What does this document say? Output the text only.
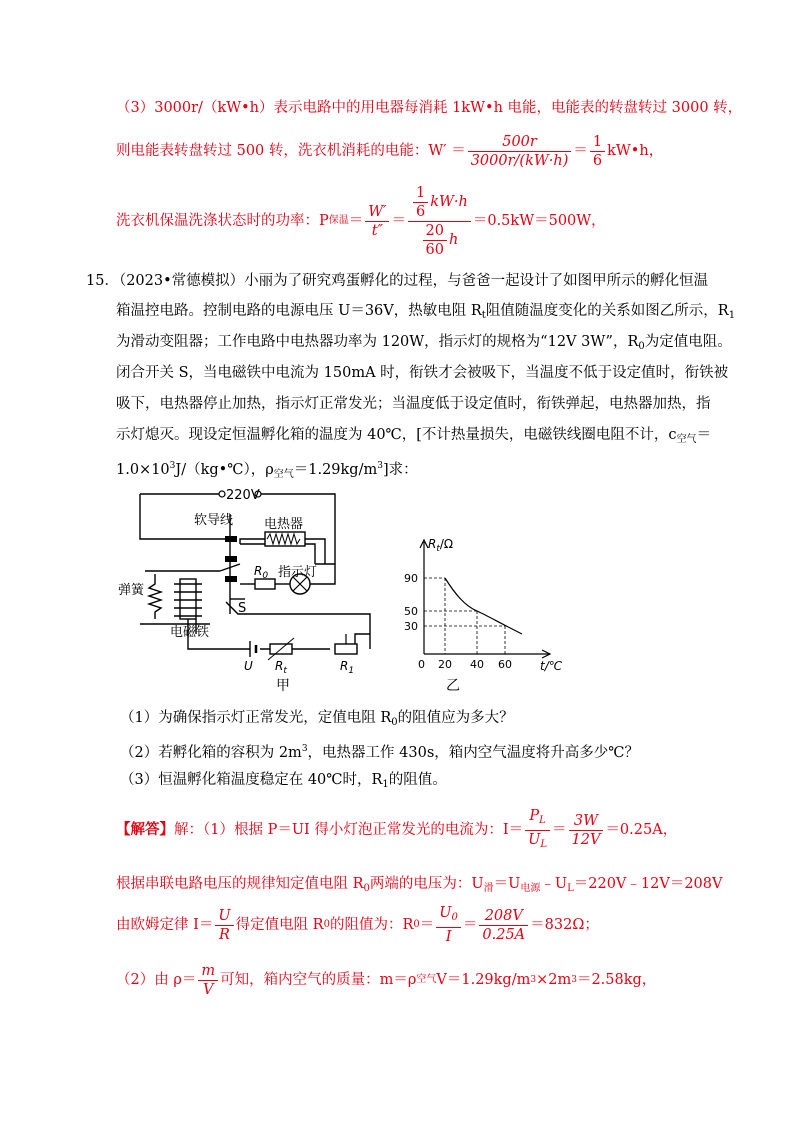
（3）3000r/（kW•h）表示电路中的用电器每消耗 1kW•h 电能，电能表的转盘转过 3000 转，
则电能表转盘转过 500 转，洗衣机消耗的电能：$W' = \frac{500r}{3000r/(kW\cdot h)} = \frac{1}{6}$ kW•h，
洗衣机保温洗涤状态时的功率：P 保温 ＝ $\frac{W'}{t''} = \frac{\frac{1}{6} kW\cdot h}{\frac{20}{60} h} =0.5kW=500W$，
15．（2023•常德模拟）小丽为了研究鸡蛋孵化的过程，与爸爸一起设计了如图甲所示的孵化恒温
箱温控电路。控制电路的电源电压 U＝36V，热敏电阻 $R_t$阻值随温度变化的关系如图乙所示，$R_1$
为滑动变阻器；工作电路中电热器功率为 120W，指示灯的规格为“12V 3W”，$R_0$为定值电阻。
闭合开关 S，当电磁铁中电流为 150mA 时，衔铁才会被吸下，当温度不低于设定值时，衔铁被
吸下，电热器停止加热，指示灯正常发光；当温度低于设定值时，衔铁弹起，电热器加热，指
示灯熄灭。现设定恒温孵化箱的温度为 40℃，[不计热量损失，电磁铁线圈电阻不计，$c_{空气}=$
$1.0\times 10^3J/(kg•℃)$，$\rho_{空气}=1.29kg/m^3$]求：
220V
软导线 电热器
指示灯
弹簧
电磁铁
$R_0$
S
U $R_t$	$R_1$
甲
$R_t/\Omega$
90
50
30
0 20 40 60 t/℃
乙
（1）为确保指示灯正常发光，定值电阻 $R_0$的阻值应为多大？
（2）若孵化箱的容积为 $2m^3$，电热器工作 430s，箱内空气温度将升高多少℃？
（3）恒温孵化箱温度稳定在 40℃时，$R_1$的阻值。
【解答】 解：（1）根据 P＝UI 得小灯泡正常发光的电流为：$I= \frac{P_L}{U_L} = \frac{3W}{12V} =0.25A$，
根据串联电路电压的规律知定值电阻 $R_0$两端的电压为：$U_滑=U_{电源}﹣U_L=220V﹣12V=208V$
由欧姆定律 $I= \frac{U}{R}$ 得定值电阻 R 0 的阻值为：R $0 = \frac{U_0}{I} = \frac{208V}{0.25A} =832\Omega$；
（2）由 $\rho= \frac{m}{V}$ 可知，箱内空气的质量：m＝ρ 空气 V＝1.29kg/m 3 ×2m 3 ＝2.58kg，
